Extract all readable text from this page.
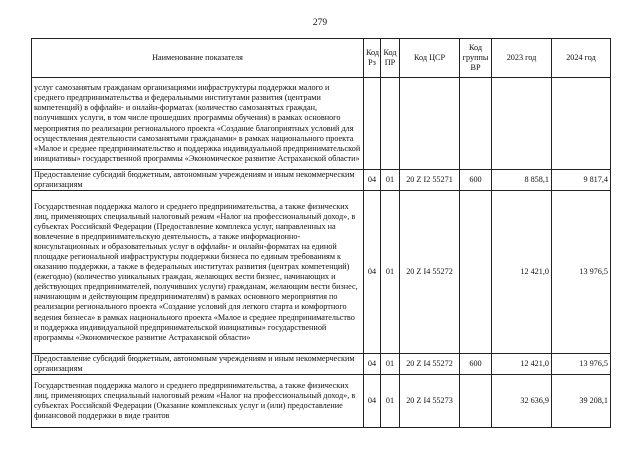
279
Наименование показателя	Код Рз	Код ПР	Код ЦСР	Код группы ВР	2023 год	2024 год
услуг самозанятым гражданам организациями инфраструктуры поддержки малого и среднего предпринимательства и федеральными институтами развития (центрами компетенций) в оффлайн- и онлайн-форматах (количество самозанятых граждан, получивших услуги, в том числе прошедших программы обучения) в рамках основного мероприятия по реализации регионального проекта «Создание благоприятных условий для осуществления деятельности самозанятыми гражданами» в рамках национального проекта «Малое и среднее предпринимательство и поддержка индивидуальной предпринимательской инициативы» государственной программы «Экономическое развитие Астраханской области»						
Предоставление субсидий бюджетным, автономным учреждениям и иным некоммерческим организациям	04	01	20 Z I2 55271	600	8 858,1	9 817,4
Государственная поддержка малого и среднего предпринимательства, а также физических лиц, применяющих специальный налоговый режим «Налог на профессиональный доход», в субъектах Российской Федерации (Предоставление комплекса услуг, направленных на вовлечение в предпринимательскую деятельность, а также информационно-консультационных и образовательных услуг в оффлайн- и онлайн-форматах на единой площадке региональной инфраструктуры поддержки бизнеса по единым требованиям к оказанию поддержки, а также в федеральных институтах развития (центрах компетенций) (ежегодно) (количество уникальных граждан, желающих вести бизнес, начинающих и действующих предпринимателей, получивших услуги) гражданам, желающим вести бизнес, начинающим и действующим предпринимателям) в рамках основного мероприятия по реализации регионального проекта «Создание условий для легкого старта и комфортного ведения бизнеса» в рамках национального проекта «Малое и среднее предпринимательство и поддержка индивидуальной предпринимательской инициативы» государственной программы «Экономическое развитие Астраханской области»	04	01	20 Z I4 55272		12 421,0	13 976,5
Предоставление субсидий бюджетным, автономным учреждениям и иным некоммерческим организациям	04	01	20 Z I4 55272	600	12 421,0	13 976,5
Государственная поддержка малого и среднего предпринимательства, а также физических лиц, применяющих специальный налоговый режим «Налог на профессиональный доход», в субъектах Российской Федерации (Оказание комплексных услуг и (или) предоставление финансовой поддержки в виде грантов	04	01	20 Z I4 55273		32 636,9	39 208,1
